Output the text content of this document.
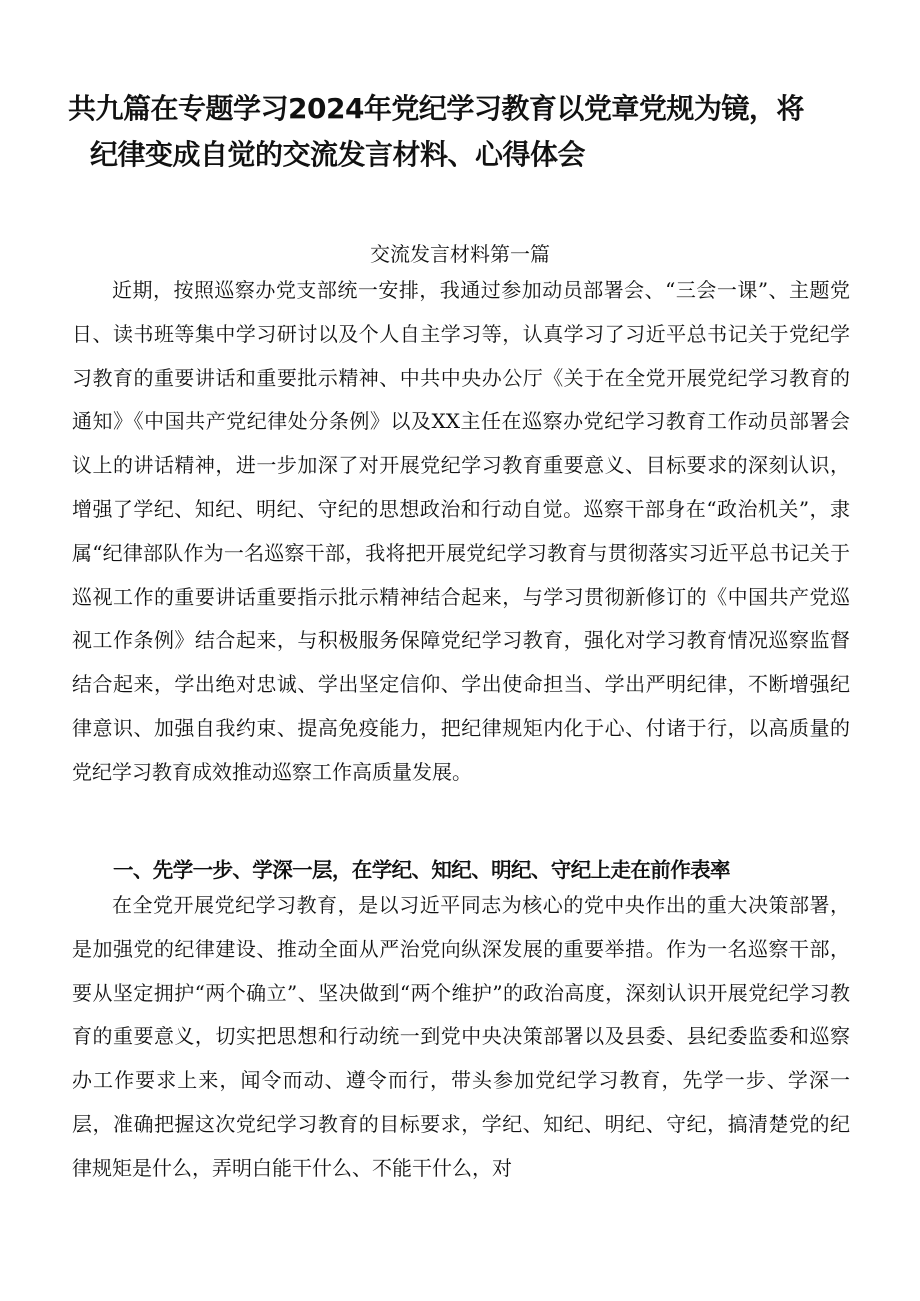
共九篇在专题学习2024年党纪学习教育以党章党规为镜，将
纪律变成自觉的交流发言材料、心得体会
交流发言材料第一篇

近期，按照巡察办党支部统一安排，我通过参加动员部署会、“三会一课”、主题党日、读书班等集中学习研讨以及个人自主学习等，认真学习了习近平总书记关于党纪学习教育的重要讲话和重要批示精神、中共中央办公厅《关于在全党开展党纪学习教育的通知》《中国共产党纪律处分条例》以及XX主任在巡察办党纪学习教育工作动员部署会议上的讲话精神，进一步加深了对开展党纪学习教育重要意义、目标要求的深刻认识，增强了学纪、知纪、明纪、守纪的思想政治和行动自觉。巡察干部身在“政治机关”，隶属“纪律部队作为一名巡察干部，我将把开展党纪学习教育与贯彻落实习近平总书记关于巡视工作的重要讲话重要指示批示精神结合起来，与学习贯彻新修订的《中国共产党巡视工作条例》结合起来，与积极服务保障党纪学习教育，强化对学习教育情况巡察监督结合起来，学出绝对忠诚、学出坚定信仰、学出使命担当、学出严明纪律，不断增强纪律意识、加强自我约束、提高免疫能力，把纪律规矩内化于心、付诸于行，以高质量的党纪学习教育成效推动巡察工作高质量发展。

一、先学一步、学深一层，在学纪、知纪、明纪、守纪上走在前作表率

在全党开展党纪学习教育，是以习近平同志为核心的党中央作出的重大决策部署，是加强党的纪律建设、推动全面从严治党向纵深发展的重要举措。作为一名巡察干部，要从坚定拥护“两个确立”、坚决做到“两个维护”的政治高度，深刻认识开展党纪学习教育的重要意义，切实把思想和行动统一到党中央决策部署以及县委、县纪委监委和巡察办工作要求上来，闻令而动、遵令而行，带头参加党纪学习教育，先学一步、学深一层，准确把握这次党纪学习教育的目标要求，学纪、知纪、明纪、守纪，搞清楚党的纪律规矩是什么，弄明白能干什么、不能干什么，对
